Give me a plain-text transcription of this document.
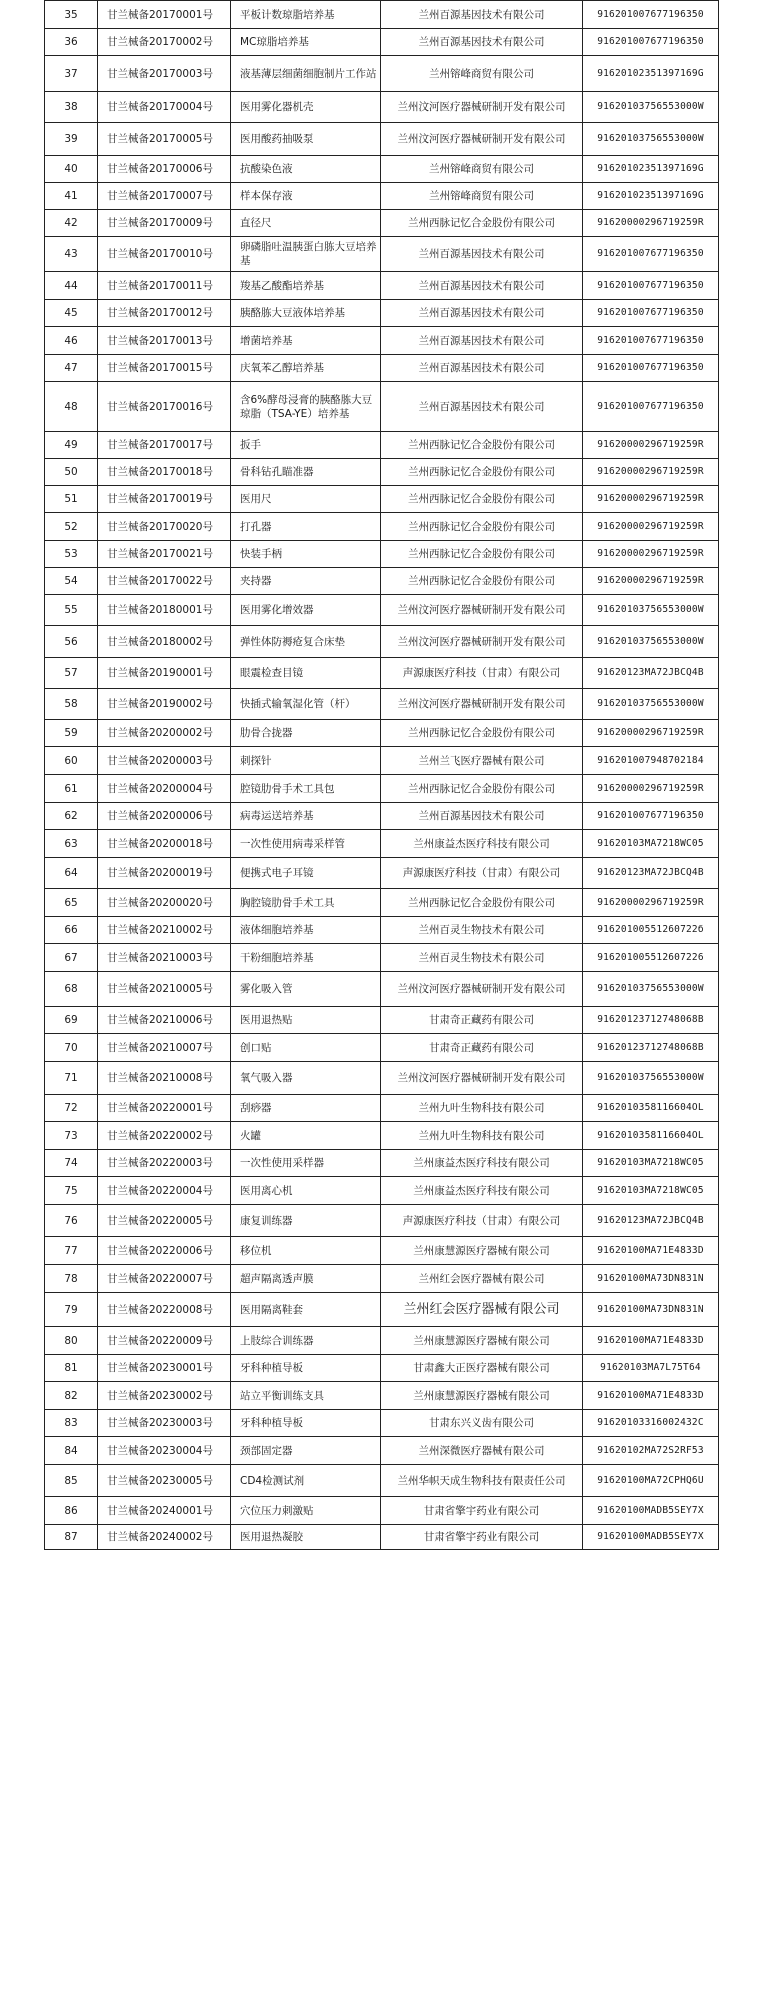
35	甘兰械备20170001号	平板计数琼脂培养基	兰州百源基因技术有限公司	916201007677196350
36	甘兰械备20170002号	MC琼脂培养基	兰州百源基因技术有限公司	916201007677196350
37	甘兰械备20170003号	液基薄层细菌细胞制片工作站	兰州镕峰商贸有限公司	91620102351397169G
38	甘兰械备20170004号	医用雾化器机壳	兰州汶河医疗器械研制开发有限公司	91620103756553000W
39	甘兰械备20170005号	医用酸药抽吸泵	兰州汶河医疗器械研制开发有限公司	91620103756553000W
40	甘兰械备20170006号	抗酸染色液	兰州镕峰商贸有限公司	91620102351397169G
41	甘兰械备20170007号	样本保存液	兰州镕峰商贸有限公司	91620102351397169G
42	甘兰械备20170009号	直径尺	兰州西脉记忆合金股份有限公司	91620000296719259R
43	甘兰械备20170010号	卵磷脂吐温胰蛋白胨大豆培养基	兰州百源基因技术有限公司	916201007677196350
44	甘兰械备20170011号	羧基乙酸酯培养基	兰州百源基因技术有限公司	916201007677196350
45	甘兰械备20170012号	胰酪胨大豆液体培养基	兰州百源基因技术有限公司	916201007677196350
46	甘兰械备20170013号	增菌培养基	兰州百源基因技术有限公司	916201007677196350
47	甘兰械备20170015号	庆氧苯乙醇培养基	兰州百源基因技术有限公司	916201007677196350
48	甘兰械备20170016号	含6%酵母浸膏的胰酪胨大豆琼脂（TSA-YE）培养基	兰州百源基因技术有限公司	916201007677196350
49	甘兰械备20170017号	扳手	兰州西脉记忆合金股份有限公司	91620000296719259R
50	甘兰械备20170018号	骨科钻孔瞄准器	兰州西脉记忆合金股份有限公司	91620000296719259R
51	甘兰械备20170019号	医用尺	兰州西脉记忆合金股份有限公司	91620000296719259R
52	甘兰械备20170020号	打孔器	兰州西脉记忆合金股份有限公司	91620000296719259R
53	甘兰械备20170021号	快装手柄	兰州西脉记忆合金股份有限公司	91620000296719259R
54	甘兰械备20170022号	夹持器	兰州西脉记忆合金股份有限公司	91620000296719259R
55	甘兰械备20180001号	医用雾化增效器	兰州汶河医疗器械研制开发有限公司	91620103756553000W
56	甘兰械备20180002号	弹性体防褥疮复合床垫	兰州汶河医疗器械研制开发有限公司	91620103756553000W
57	甘兰械备20190001号	眼震检查目镜	声源康医疗科技（甘肃）有限公司	91620123MA72JBCQ4B
58	甘兰械备20190002号	快插式输氧湿化管（杆）	兰州汶河医疗器械研制开发有限公司	91620103756553000W
59	甘兰械备20200002号	肋骨合拢器	兰州西脉记忆合金股份有限公司	91620000296719259R
60	甘兰械备20200003号	刺探针	兰州兰飞医疗器械有限公司	916201007948702184
61	甘兰械备20200004号	腔镜肋骨手术工具包	兰州西脉记忆合金股份有限公司	91620000296719259R
62	甘兰械备20200006号	病毒运送培养基	兰州百源基因技术有限公司	916201007677196350
63	甘兰械备20200018号	一次性使用病毒采样管	兰州康益杰医疗科技有限公司	91620103MA7218WC05
64	甘兰械备20200019号	便携式电子耳镜	声源康医疗科技（甘肃）有限公司	91620123MA72JBCQ4B
65	甘兰械备20200020号	胸腔镜肋骨手术工具	兰州西脉记忆合金股份有限公司	91620000296719259R
66	甘兰械备20210002号	液体细胞培养基	兰州百灵生物技术有限公司	91620100551260722б
67	甘兰械备20210003号	干粉细胞培养基	兰州百灵生物技术有限公司	916201005512607226
68	甘兰械备20210005号	雾化吸入管	兰州汶河医疗器械研制开发有限公司	91620103756553000W
69	甘兰械备20210006号	医用退热贴	甘肃奇正藏药有限公司	91620123712748068B
70	甘兰械备20210007号	创口贴	甘肃奇正藏药有限公司	91620123712748068B
71	甘兰械备20210008号	氧气吸入器	兰州汶河医疗器械研制开发有限公司	91620103756553000W
72	甘兰械备20220001号	刮痧器	兰州九叶生物科技有限公司	9162010358116604OL
73	甘兰械备20220002号	火罐	兰州九叶生物科技有限公司	9162010358116604OL
74	甘兰械备20220003号	一次性使用采样器	兰州康益杰医疗科技有限公司	91620103MA7218WC05
75	甘兰械备20220004号	医用离心机	兰州康益杰医疗科技有限公司	91620103MA7218WC05
76	甘兰械备20220005号	康复训练器	声源康医疗科技（甘肃）有限公司	91620123MA72JBCQ4B
77	甘兰械备20220006号	移位机	兰州康慧源医疗器械有限公司	91620100MA71E4833D
78	甘兰械备20220007号	超声隔离透声膜	兰州红会医疗器械有限公司	91620100MA73DN831N
79	甘兰械备20220008号	医用隔离鞋套	兰州红会医疗器械有限公司	91620100MA73DN831N
80	甘兰械备20220009号	上肢综合训练器	兰州康慧源医疗器械有限公司	91620100MA71E4833D
81	甘兰械备20230001号	牙科种植导板	甘肃鑫大正医疗器械有限公司	91620103MA7L75T64
82	甘兰械备20230002号	站立平衡训练支具	兰州康慧源医疗器械有限公司	91620100MA71E4833D
83	甘兰械备20230003号	牙科种植导板	甘肃东兴义齿有限公司	91620103316002432C
84	甘兰械备20230004号	颈部固定器	兰州深微医疗器械有限公司	91620102MA72S2RF53
85	甘兰械备20230005号	CD4检测试剂	兰州华帜天成生物科技有限责任公司	91620100MA72CPHQ6U
86	甘兰械备20240001号	穴位压力刺激贴	甘肃省擎宇药业有限公司	91620100MADB5SEY7X
87	甘兰械备20240002号	医用退热凝胶	甘肃省擎宇药业有限公司	91620100MADB5SEY7X
